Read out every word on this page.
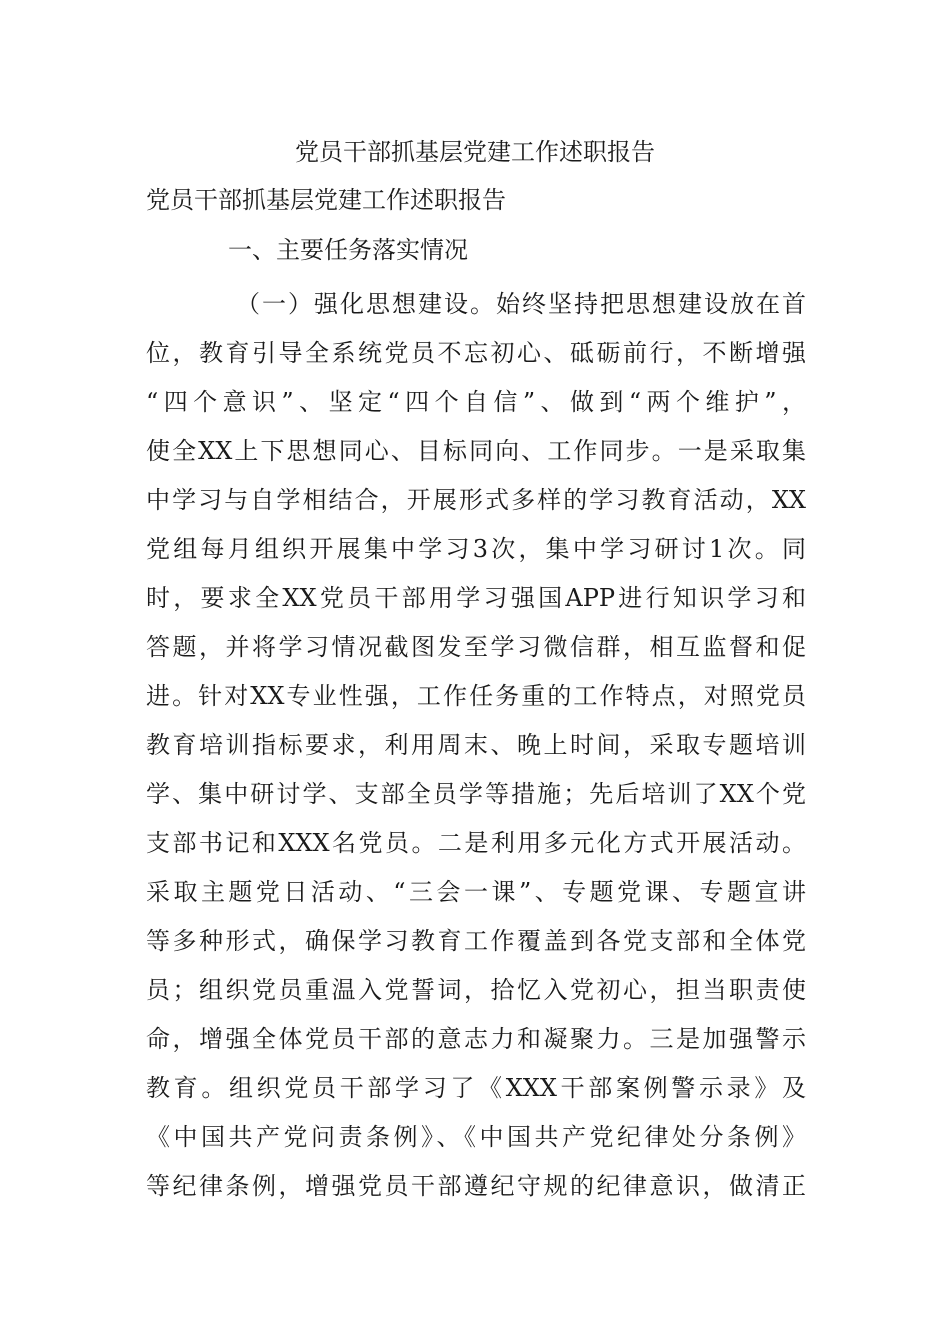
党员干部抓基层党建工作述职报告
党员干部抓基层党建工作述职报告
一、主要任务落实情况
（一）强化思想建设。始终坚持把思想建设放在首
位，教育引导全系统党员不忘初心、砥砺前行，不断增强
“四个意识”、坚定“四个自信”、做到“两个维护”，
使全XX上下思想同心、目标同向、工作同步。一是采取集
中学习与自学相结合，开展形式多样的学习教育活动，XX
党组每月组织开展集中学习3次，集中学习研讨1次。同
时，要求全XX党员干部用学习强国APP进行知识学习和
答题，并将学习情况截图发至学习微信群，相互监督和促
进。针对XX专业性强，工作任务重的工作特点，对照党员
教育培训指标要求，利用周末、晚上时间，采取专题培训
学、集中研讨学、支部全员学等措施；先后培训了XX个党
支部书记和XXX名党员。二是利用多元化方式开展活动。
采取主题党日活动、“三会一课”、专题党课、专题宣讲
等多种形式，确保学习教育工作覆盖到各党支部和全体党
员；组织党员重温入党誓词，拾忆入党初心，担当职责使
命，增强全体党员干部的意志力和凝聚力。三是加强警示
教育。组织党员干部学习了《XXX干部案例警示录》及
《中国共产党问责条例》、《中国共产党纪律处分条例》
等纪律条例，增强党员干部遵纪守规的纪律意识，做清正
